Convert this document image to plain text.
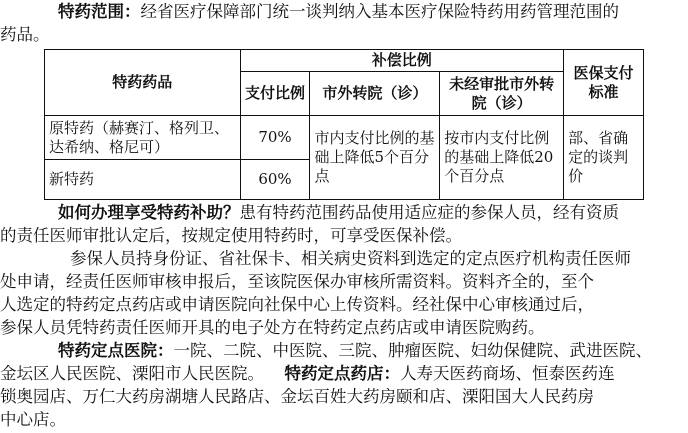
特药范围：经省医疗保障部门统一谈判纳入基本医疗保险特药用药管理范围的
药品。
特药药品	补偿比例			医保支付标准
	支付比例	市外转院（诊）	未经审批市外转院（诊）	
原特药（赫赛汀、格列卫、达希纳、格尼可）	70%	市内支付比例的基础上降低5个百分点	按市内支付比例的基础上降低20个百分点	部、省确定的谈判价
新特药	60%			
如何办理享受特药补助？患有特药范围药品使用适应症的参保人员，经有资质
的责任医师审批认定后，按规定使用特药时，可享受医保补偿。
参保人员持身份证、省社保卡、相关病史资料到选定的定点医疗机构责任医师
处申请，经责任医师审核申报后，至该院医保办审核所需资料。资料齐全的，至个
人选定的特药定点药店或申请医院向社保中心上传资料。经社保中心审核通过后，
参保人员凭特药责任医师开具的电子处方在特药定点药店或申请医院购药。
特药定点医院：一院、二院、中医院、三院、肿瘤医院、妇幼保健院、武进医院、
金坛区人民医院、溧阳市人民医院。 特药定点药店：人寿天医药商场、恒泰医药连
锁奥园店、万仁大药房湖塘人民路店、金坛百姓大药房颐和店、溧阳国大人民药房
中心店。
